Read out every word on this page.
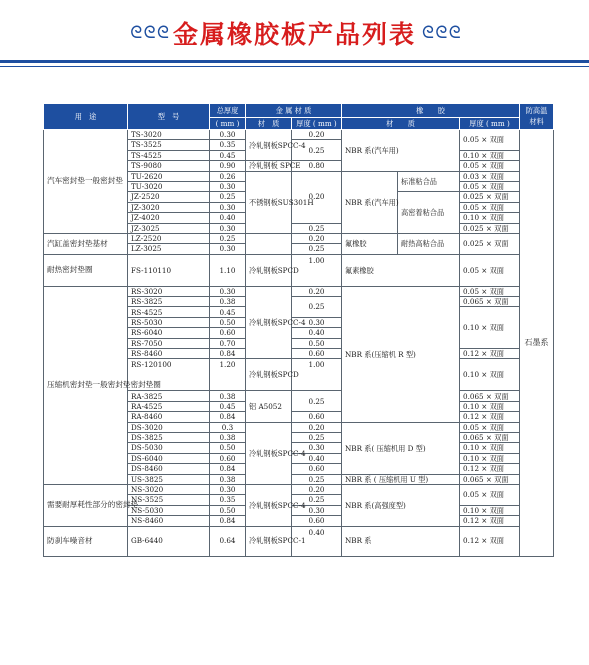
ᘓ ᘓ ᘓ 金属橡胶板产品列表 ᘓ ᘓ ᘓ
用　途	型　号	总厚度	金 属 材 质		橡　　胶			防高温材料
		( mm )	材　质	厚度 ( mm )	材　　质		厚度 ( mm )	
汽车密封垫一般密封垫	TS-3020	0.30	冷轧钢板SPCC-4	0.20	NBR 系(汽车用)		0.05 × 双面	石墨系
	TS-3525	0.35		0.25				
	TS-4525	0.45					0.10 × 双面	
	TS-9080	0.90	冷轧钢板 SPCE	0.80			0.05 × 双面	
	TU-2620	0.26	不锈钢板SUS301H	0.20	NBR 系(汽车用)	标准粘合品	0.03 × 双面	
	TU-3020	0.30					0.05 × 双面	
	JZ-2520	0.25				高密着粘合品	0.025 × 双面	
	JZ-3020	0.30					0.05 × 双面	
	JZ-4020	0.40					0.10 × 双面	
	JZ-3025	0.30		0.25			0.025 × 双面	
汽缸盖密封垫基材	LZ-2520	0.25		0.20	氟橡胶	耐热高粘合品	0.025 × 双面	
	LZ-3025	0.30		0.25				
耐热密封垫圈	FS-110110	1.10	冷轧钢板SPCD	1.00	氟素橡胶		0.05 × 双面	
压缩机密封垫一般密封垫密封垫圈	RS-3020	0.30	冷轧钢板SPCC-4	0.20	NBR 系(压缩机 R 型)		0.05 × 双面	
	RS-3825	0.38		0.25			0.065 × 双面	
	RS-4525	0.45					0.10 × 双面	
	RS-5030	0.50		0.30				
	RS-6040	0.60		0.40				
	RS-7050	0.70		0.50				
	RS-8460	0.84		0.60			0.12 × 双面	
	RS-120100	1.20	冷轧钢板SPCD	1.00			0.10 × 双面	
	RA-3825	0.38	铝 A5052	0.25			0.065 × 双面	
	RA-4525	0.45					0.10 × 双面	
	RA-8460	0.84		0.60			0.12 × 双面	
	DS-3020	0.3	冷轧钢板SPCC-4	0.20	NBR 系( 压缩机用 D 型)		0.05 × 双面	
	DS-3825	0.38		0.25			0.065 × 双面	
	DS-5030	0.50		0.30			0.10 × 双面	
	DS-6040	0.60		0.40			0.10 × 双面	
	DS-8460	0.84		0.60			0.12 × 双面	
	US-3825	0.38		0.25	NBR 系 ( 压缩机用 U 型)		0.065 × 双面	
需要耐厚耗性部分的密封垫	NS-3020	0.30	冷轧钢板SPCC-4	0.20	NBR 系(高强度型)		0.05 × 双面	
	NS-3525	0.35		0.25				
	NS-5030	0.50		0.30			0.10 × 双面	
	NS-8460	0.84		0.60			0.12 × 双面	
防刹车噪音材	GB-6440	0.64	冷轧钢板SPCC-1	0.40	NBR 系		0.12 × 双面	
